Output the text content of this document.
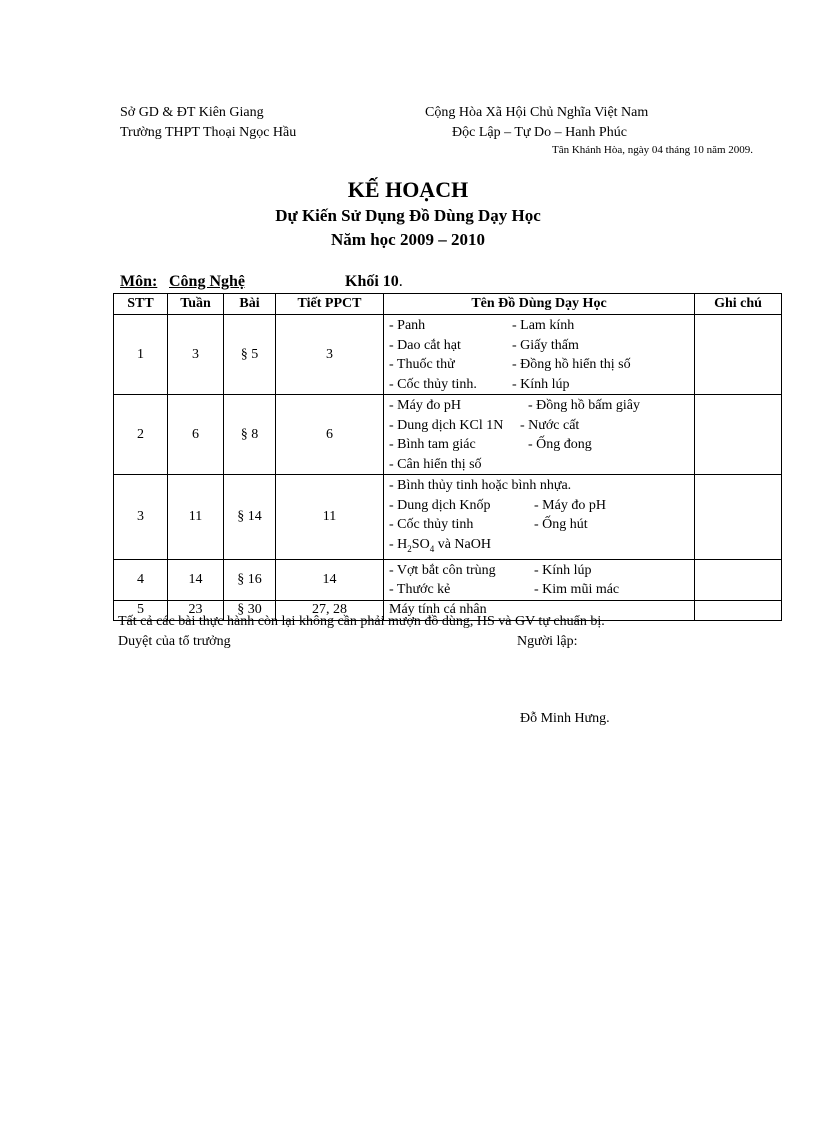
Sở GD & ĐT Kiên Giang
Trường THPT Thoại Ngọc Hầu
Cộng Hòa Xã Hội Chủ Nghĩa Việt Nam
Độc Lập – Tự Do – Hanh Phúc
Tân Khánh Hòa, ngày 04 tháng 10 năm 2009.
KẾ HOẠCH
Dự Kiến Sử Dụng Đồ Dùng Dạy Học
Năm học 2009 – 2010
Môn: Công Nghệ	Khối 10.
STT	Tuần	Bài	Tiết PPCT	Tên Đồ Dùng Dạy Học	Ghi chú
1	3	§ 5	3	- Panh - Lam kính
- Dao cắt hạt - Giấy thấm
- Thuốc thử - Đồng hồ hiển thị số
- Cốc thủy tinh. - Kính lúp	

2	6	§ 8	6	- Máy đo pH - Đồng hồ bấm giây
- Dung dịch KCl 1N - Nước cất
- Bình tam giác - Ống đong
- Cân hiển thị số	

3	11	§ 14	11	- Bình thủy tinh hoặc bình nhựa.
- Dung dịch Knốp - Máy đo pH
- Cốc thủy tinh - Ống hút
- $H_2SO_4$ và NaOH	

4	14	§ 16	14	- Vợt bắt côn trùng - Kính lúp
- Thước kẻ - Kim mũi mác	

5	23	§ 30	27, 28	Máy tính cá nhân	
Tất cả các bài thực hành còn lại không cần phải mượn đồ dùng, HS và GV tự chuẩn bị.
Duyệt của tổ trưởng	Người lập:
Đỗ Minh Hưng.
